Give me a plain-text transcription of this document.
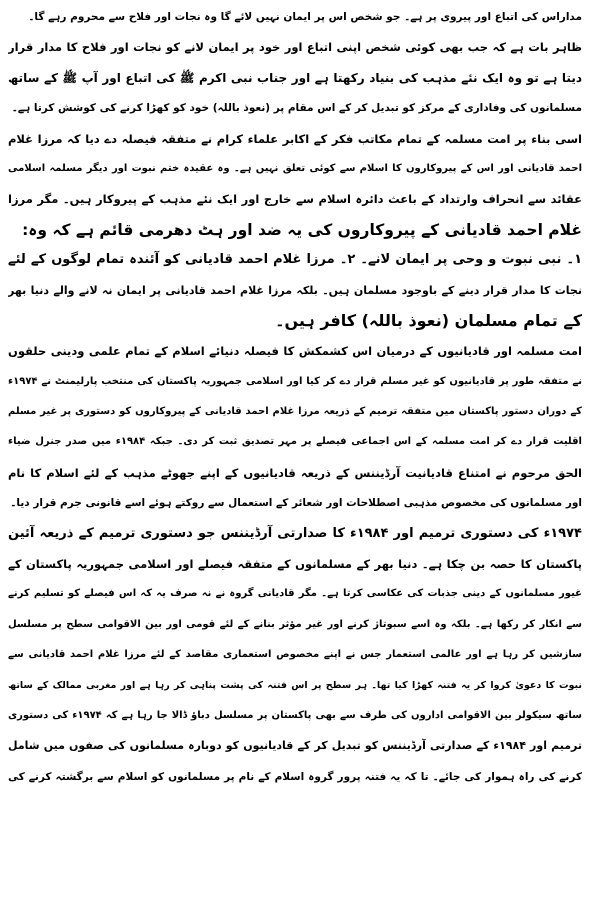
مداراس کی اتباع اور پیروی پر ہے۔ جو شخص اس پر ایمان نہیں لائے گا وہ نجات اور فلاح سے محروم رہے گا۔
ظاہر بات ہے کہ جب بھی کوئی شخص اپنی اتباع اور خود پر ایمان لانے کو نجات اور فلاح کا مدار قرار
دیتا ہے تو وہ ایک نئے مذہب کی بنیاد رکھتا ہے اور جناب نبی اکرم ﷺ کی اتباع اور آپ ﷺ کے ساتھ
مسلمانوں کی وفاداری کے مرکز کو تبدیل کر کے اس مقام پر (نعوذ باللہ) خود کو کھڑا کرنے کی کوشش کرتا ہے۔
اسی بناء پر امت مسلمہ کے تمام مکاتب فکر کے اکابر علماء کرام نے متفقہ فیصلہ دے دیا کہ مرزا غلام
احمد قادیانی اور اس کے پیروکاروں کا اسلام سے کوئی تعلق نہیں ہے۔ وہ عقیدہ ختم نبوت اور دیگر مسلمہ اسلامی
عقائد سے انحراف وارتداد کے باعث دائرہ اسلام سے خارج اور ایک نئے مذہب کے پیروکار ہیں۔ مگر مرزا
غلام احمد قادیانی کے پیروکاروں کی یہ ضد اور ہٹ دھرمی قائم ہے کہ وہ:
۱۔ نبی نبوت و وحی پر ایمان لانے۔ ۲۔ مرزا غلام احمد قادیانی کو آئندہ تمام لوگوں کے لئے
نجات کا مدار قرار دینے کے باوجود مسلمان ہیں۔ بلکہ مرزا غلام احمد قادیانی پر ایمان نہ لانے والے دنیا بھر
کے تمام مسلمان (نعوذ باللہ) کافر ہیں۔
امت مسلمہ اور قادیانیوں کے درمیان اس کشمکش کا فیصلہ دنیائے اسلام کے تمام علمی ودینی حلقوں
نے متفقہ طور پر قادیانیوں کو غیر مسلم قرار دے کر کیا اور اسلامی جمہوریہ پاکستان کی منتخب پارلیمنٹ نے ۱۹۷۴ء
کے دوران دستور پاکستان میں متفقہ ترمیم کے ذریعہ مرزا غلام احمد قادیانی کے پیروکاروں کو دستوری پر غیر مسلم
اقلیت قرار دے کر امت مسلمہ کے اس اجماعی فیصلے پر مہر تصدیق ثبت کر دی۔ جبکہ ۱۹۸۴ء میں صدر جنرل ضیاء
الحق مرحوم نے امتناع قادیانیت آرڈیننس کے ذریعہ قادیانیوں کے اپنے جھوٹے مذہب کے لئے اسلام کا نام
اور مسلمانوں کی مخصوص مذہبی اصطلاحات اور شعائر کے استعمال سے روکتے ہوئے اسے قانونی جرم قرار دیا۔
۱۹۷۴ء کی دستوری ترمیم اور ۱۹۸۴ء کا صدارتی آرڈیننس جو دستوری ترمیم کے ذریعہ آئین
پاکستان کا حصہ بن چکا ہے۔ دنیا بھر کے مسلمانوں کے متفقہ فیصلے اور اسلامی جمہوریہ پاکستان کے
غیور مسلمانوں کے دینی جذبات کی عکاسی کرتا ہے۔ مگر قادیانی گروہ نے نہ صرف یہ کہ اس فیصلے کو تسلیم کرنے
سے انکار کر رکھا ہے۔ بلکہ وہ اسے سبوتاژ کرنے اور غیر مؤثر بنانے کے لئے قومی اور بین الاقوامی سطح پر مسلسل
سازشیں کر رہا ہے اور عالمی استعمار جس نے اپنے مخصوص استعماری مقاصد کے لئے مرزا غلام احمد قادیانی سے
نبوت کا دعویٰ کروا کر یہ فتنہ کھڑا کیا تھا۔ ہر سطح پر اس فتنہ کی پشت پناہی کر رہا ہے اور مغربی ممالک کے ساتھ
ساتھ سیکولر بین الاقوامی اداروں کی طرف سے بھی پاکستان پر مسلسل دباؤ ڈالا جا رہا ہے کہ ۱۹۷۴ء کی دستوری
ترمیم اور ۱۹۸۴ء کے صدارتی آرڈیننس کو تبدیل کر کے قادیانیوں کو دوبارہ مسلمانوں کی صفوں میں شامل
کرنے کی راہ ہموار کی جائے۔ تا کہ یہ فتنہ پرور گروہ اسلام کے نام پر مسلمانوں کو اسلام سے برگشتہ کرنے کی
